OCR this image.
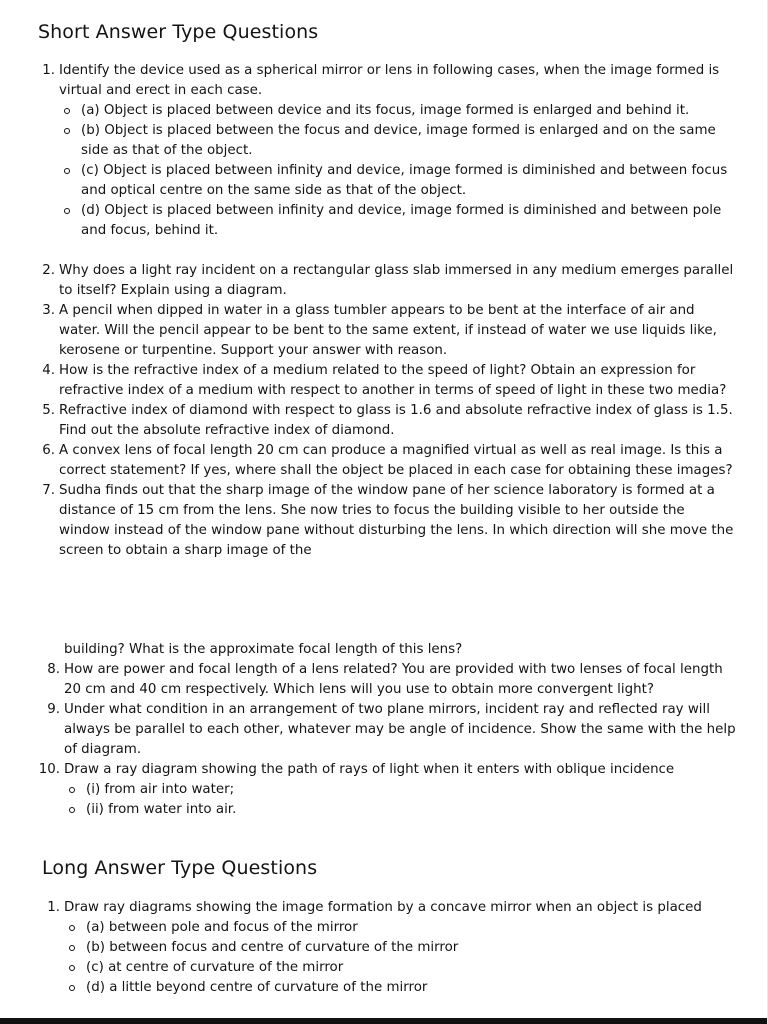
Short Answer Type Questions
1. Identify the device used as a spherical mirror or lens in following cases, when the image formed is virtual and erect in each case.
(a) Object is placed between device and its focus, image formed is enlarged and behind it.
(b) Object is placed between the focus and device, image formed is enlarged and on the same side as that of the object.
(c) Object is placed between infinity and device, image formed is diminished and between focus and optical centre on the same side as that of the object.
(d) Object is placed between infinity and device, image formed is diminished and between pole and focus, behind it.
2. Why does a light ray incident on a rectangular glass slab immersed in any medium emerges parallel to itself? Explain using a diagram.
3. A pencil when dipped in water in a glass tumbler appears to be bent at the interface of air and water. Will the pencil appear to be bent to the same extent, if instead of water we use liquids like, kerosene or turpentine. Support your answer with reason.
4. How is the refractive index of a medium related to the speed of light? Obtain an expression for refractive index of a medium with respect to another in terms of speed of light in these two media?
5. Refractive index of diamond with respect to glass is 1.6 and absolute refractive index of glass is 1.5. Find out the absolute refractive index of diamond.
6. A convex lens of focal length 20 cm can produce a magnified virtual as well as real image. Is this a correct statement? If yes, where shall the object be placed in each case for obtaining these images?
7. Sudha finds out that the sharp image of the window pane of her science laboratory is formed at a distance of 15 cm from the lens. She now tries to focus the building visible to her outside the window instead of the window pane without disturbing the lens. In which direction will she move the screen to obtain a sharp image of the
building? What is the approximate focal length of this lens?
8. How are power and focal length of a lens related? You are provided with two lenses of focal length 20 cm and 40 cm respectively. Which lens will you use to obtain more convergent light?
9. Under what condition in an arrangement of two plane mirrors, incident ray and reflected ray will always be parallel to each other, whatever may be angle of incidence. Show the same with the help of diagram.
10. Draw a ray diagram showing the path of rays of light when it enters with oblique incidence
(i) from air into water;
(ii) from water into air.
Long Answer Type Questions
1. Draw ray diagrams showing the image formation by a concave mirror when an object is placed
(a) between pole and focus of the mirror
(b) between focus and centre of curvature of the mirror
(c) at centre of curvature of the mirror
(d) a little beyond centre of curvature of the mirror
